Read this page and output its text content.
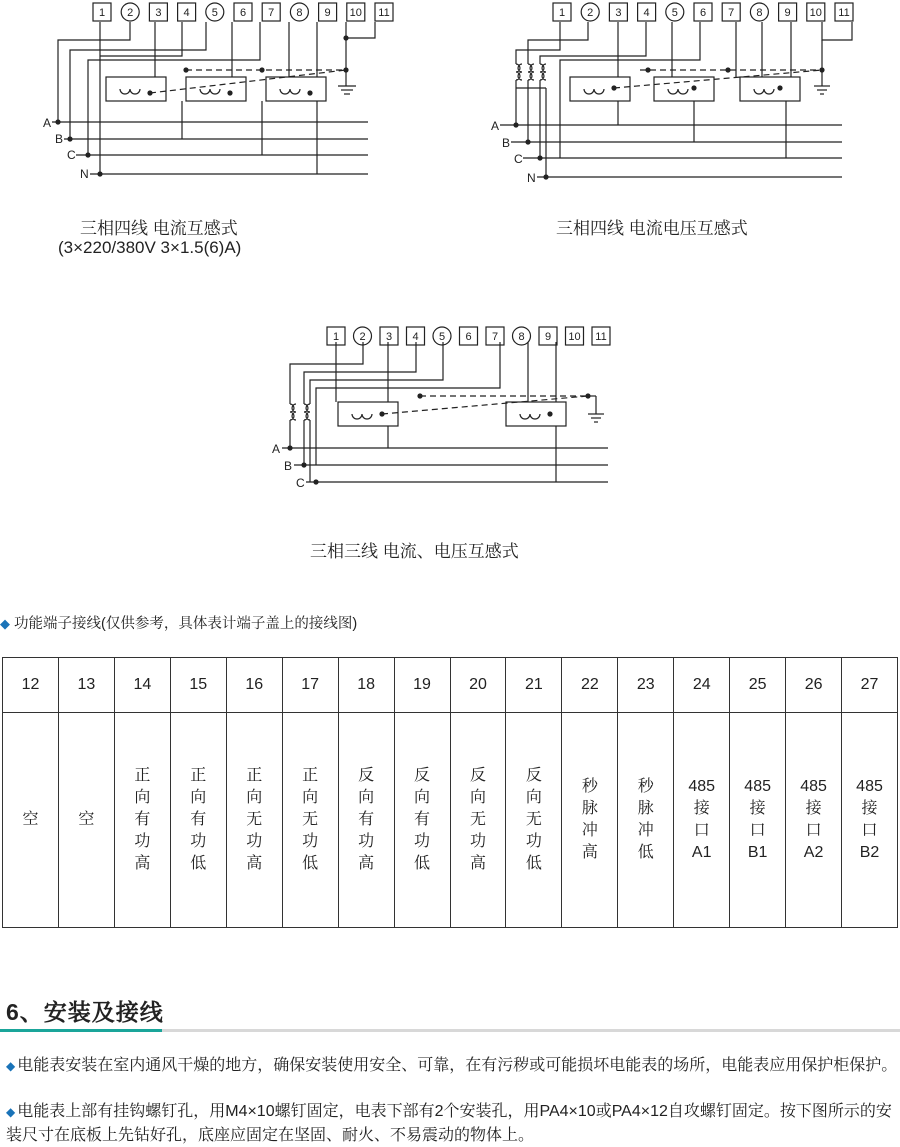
1 2 3 4 5 6 7 8 9 10 11
A
B
C
N
三相四线 电流互感式
(3×220/380V 3×1.5(6)A)
1 2 3 4 5 6 7 8 9 10 11
A
B
C
N
三相四线 电流电压互感式
1 2 3 4 5 6 7 8 9 10 11
A
B
C
三相三线 电流、电压互感式
◆ 功能端子接线(仅供参考，具体表计端子盖上的接线图)
12	13	14	15	16	17	18	19	20	21	22	23	24	25	26	27

空	空	正
向
有
功
高	正
向
有
功
低	正
向
无
功
高	正
向
无
功
低	反
向
有
功
高	反
向
有
功
低	反
向
无
功
高	反
向
无
功
低	秒
脉
冲
高	秒
脉
冲
低	485
接
口
A1	485
接
口
B1	485
接
口
A2	485
接
口
B2
6、安装及接线
◆ 电能表安装在室内通风干燥的地方，确保安装使用安全、可靠，在有污秽或可能损坏电能表的场所，电能表应用保护柜保护。
◆ 电能表上部有挂钩螺钉孔，用M4×10螺钉固定，电表下部有2个安装孔，用PA4×10或PA4×12自攻螺钉固定。按下图所示的安装尺寸在底板上先钻好孔，底座应固定在坚固、耐火、不易震动的物体上。
